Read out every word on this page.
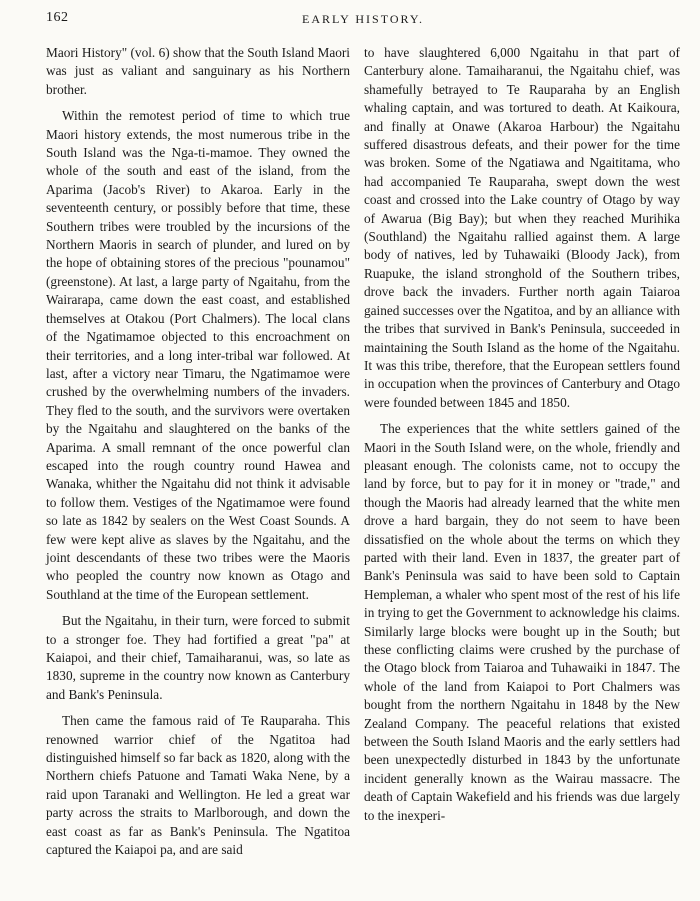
162	EARLY HISTORY.

Maori History" (vol. 6) show that the South Island Maori was just as valiant and sanguinary as his Northern brother.

Within the remotest period of time to which true Maori history extends, the most numerous tribe in the South Island was the Nga-ti-mamoe. They owned the whole of the south and east of the island, from the Aparima (Jacob's River) to Akaroa. Early in the seventeenth century, or possibly before that time, these Southern tribes were troubled by the incursions of the Northern Maoris in search of plunder, and lured on by the hope of obtaining stores of the precious "pounamou" (greenstone). At last, a large party of Ngaitahu, from the Wairarapa, came down the east coast, and established themselves at Otakou (Port Chalmers). The local clans of the Ngatimamoe objected to this encroachment on their territories, and a long inter-tribal war followed. At last, after a victory near Timaru, the Ngatimamoe were crushed by the overwhelming numbers of the invaders. They fled to the south, and the survivors were overtaken by the Ngaitahu and slaughtered on the banks of the Aparima. A small remnant of the once powerful clan escaped into the rough country round Hawea and Wanaka, whither the Ngaitahu did not think it advisable to follow them. Vestiges of the Ngatimamoe were found so late as 1842 by sealers on the West Coast Sounds. A few were kept alive as slaves by the Ngaitahu, and the joint descendants of these two tribes were the Maoris who peopled the country now known as Otago and Southland at the time of the European settlement.

But the Ngaitahu, in their turn, were forced to submit to a stronger foe. They had fortified a great "pa" at Kaiapoi, and their chief, Tamaiharanui, was, so late as 1830, supreme in the country now known as Canterbury and Bank's Peninsula.

Then came the famous raid of Te Rauparaha. This renowned warrior chief of the Ngatitoa had distinguished himself so far back as 1820, along with the Northern chiefs Patuone and Tamati Waka Nene, by a raid upon Taranaki and Wellington. He led a great war party across the straits to Marlborough, and down the east coast as far as Bank's Peninsula. The Ngatitoa captured the Kaiapoi pa, and are said

to have slaughtered 6,000 Ngaitahu in that part of Canterbury alone. Tamaiharanui, the Ngaitahu chief, was shamefully betrayed to Te Rauparaha by an English whaling captain, and was tortured to death. At Kaikoura, and finally at Onawe (Akaroa Harbour) the Ngaitahu suffered disastrous defeats, and their power for the time was broken. Some of the Ngatiawa and Ngaititama, who had accompanied Te Rauparaha, swept down the west coast and crossed into the Lake country of Otago by way of Awarua (Big Bay); but when they reached Murihika (Southland) the Ngaitahu rallied against them. A large body of natives, led by Tuhawaiki (Bloody Jack), from Ruapuke, the island stronghold of the Southern tribes, drove back the invaders. Further north again Taiaroa gained successes over the Ngatitoa, and by an alliance with the tribes that survived in Bank's Peninsula, succeeded in maintaining the South Island as the home of the Ngaitahu. It was this tribe, therefore, that the European settlers found in occupation when the provinces of Canterbury and Otago were founded between 1845 and 1850.

The experiences that the white settlers gained of the Maori in the South Island were, on the whole, friendly and pleasant enough. The colonists came, not to occupy the land by force, but to pay for it in money or "trade," and though the Maoris had already learned that the white men drove a hard bargain, they do not seem to have been dissatisfied on the whole about the terms on which they parted with their land. Even in 1837, the greater part of Bank's Peninsula was said to have been sold to Captain Hempleman, a whaler who spent most of the rest of his life in trying to get the Government to acknowledge his claims. Similarly large blocks were bought up in the South; but these conflicting claims were crushed by the purchase of the Otago block from Taiaroa and Tuhawaiki in 1847. The whole of the land from Kaiapoi to Port Chalmers was bought from the northern Ngaitahu in 1848 by the New Zealand Company. The peaceful relations that existed between the South Island Maoris and the early settlers had been unexpectedly disturbed in 1843 by the unfortunate incident generally known as the Wairau massacre. The death of Captain Wakefield and his friends was due largely to the inexperi-
